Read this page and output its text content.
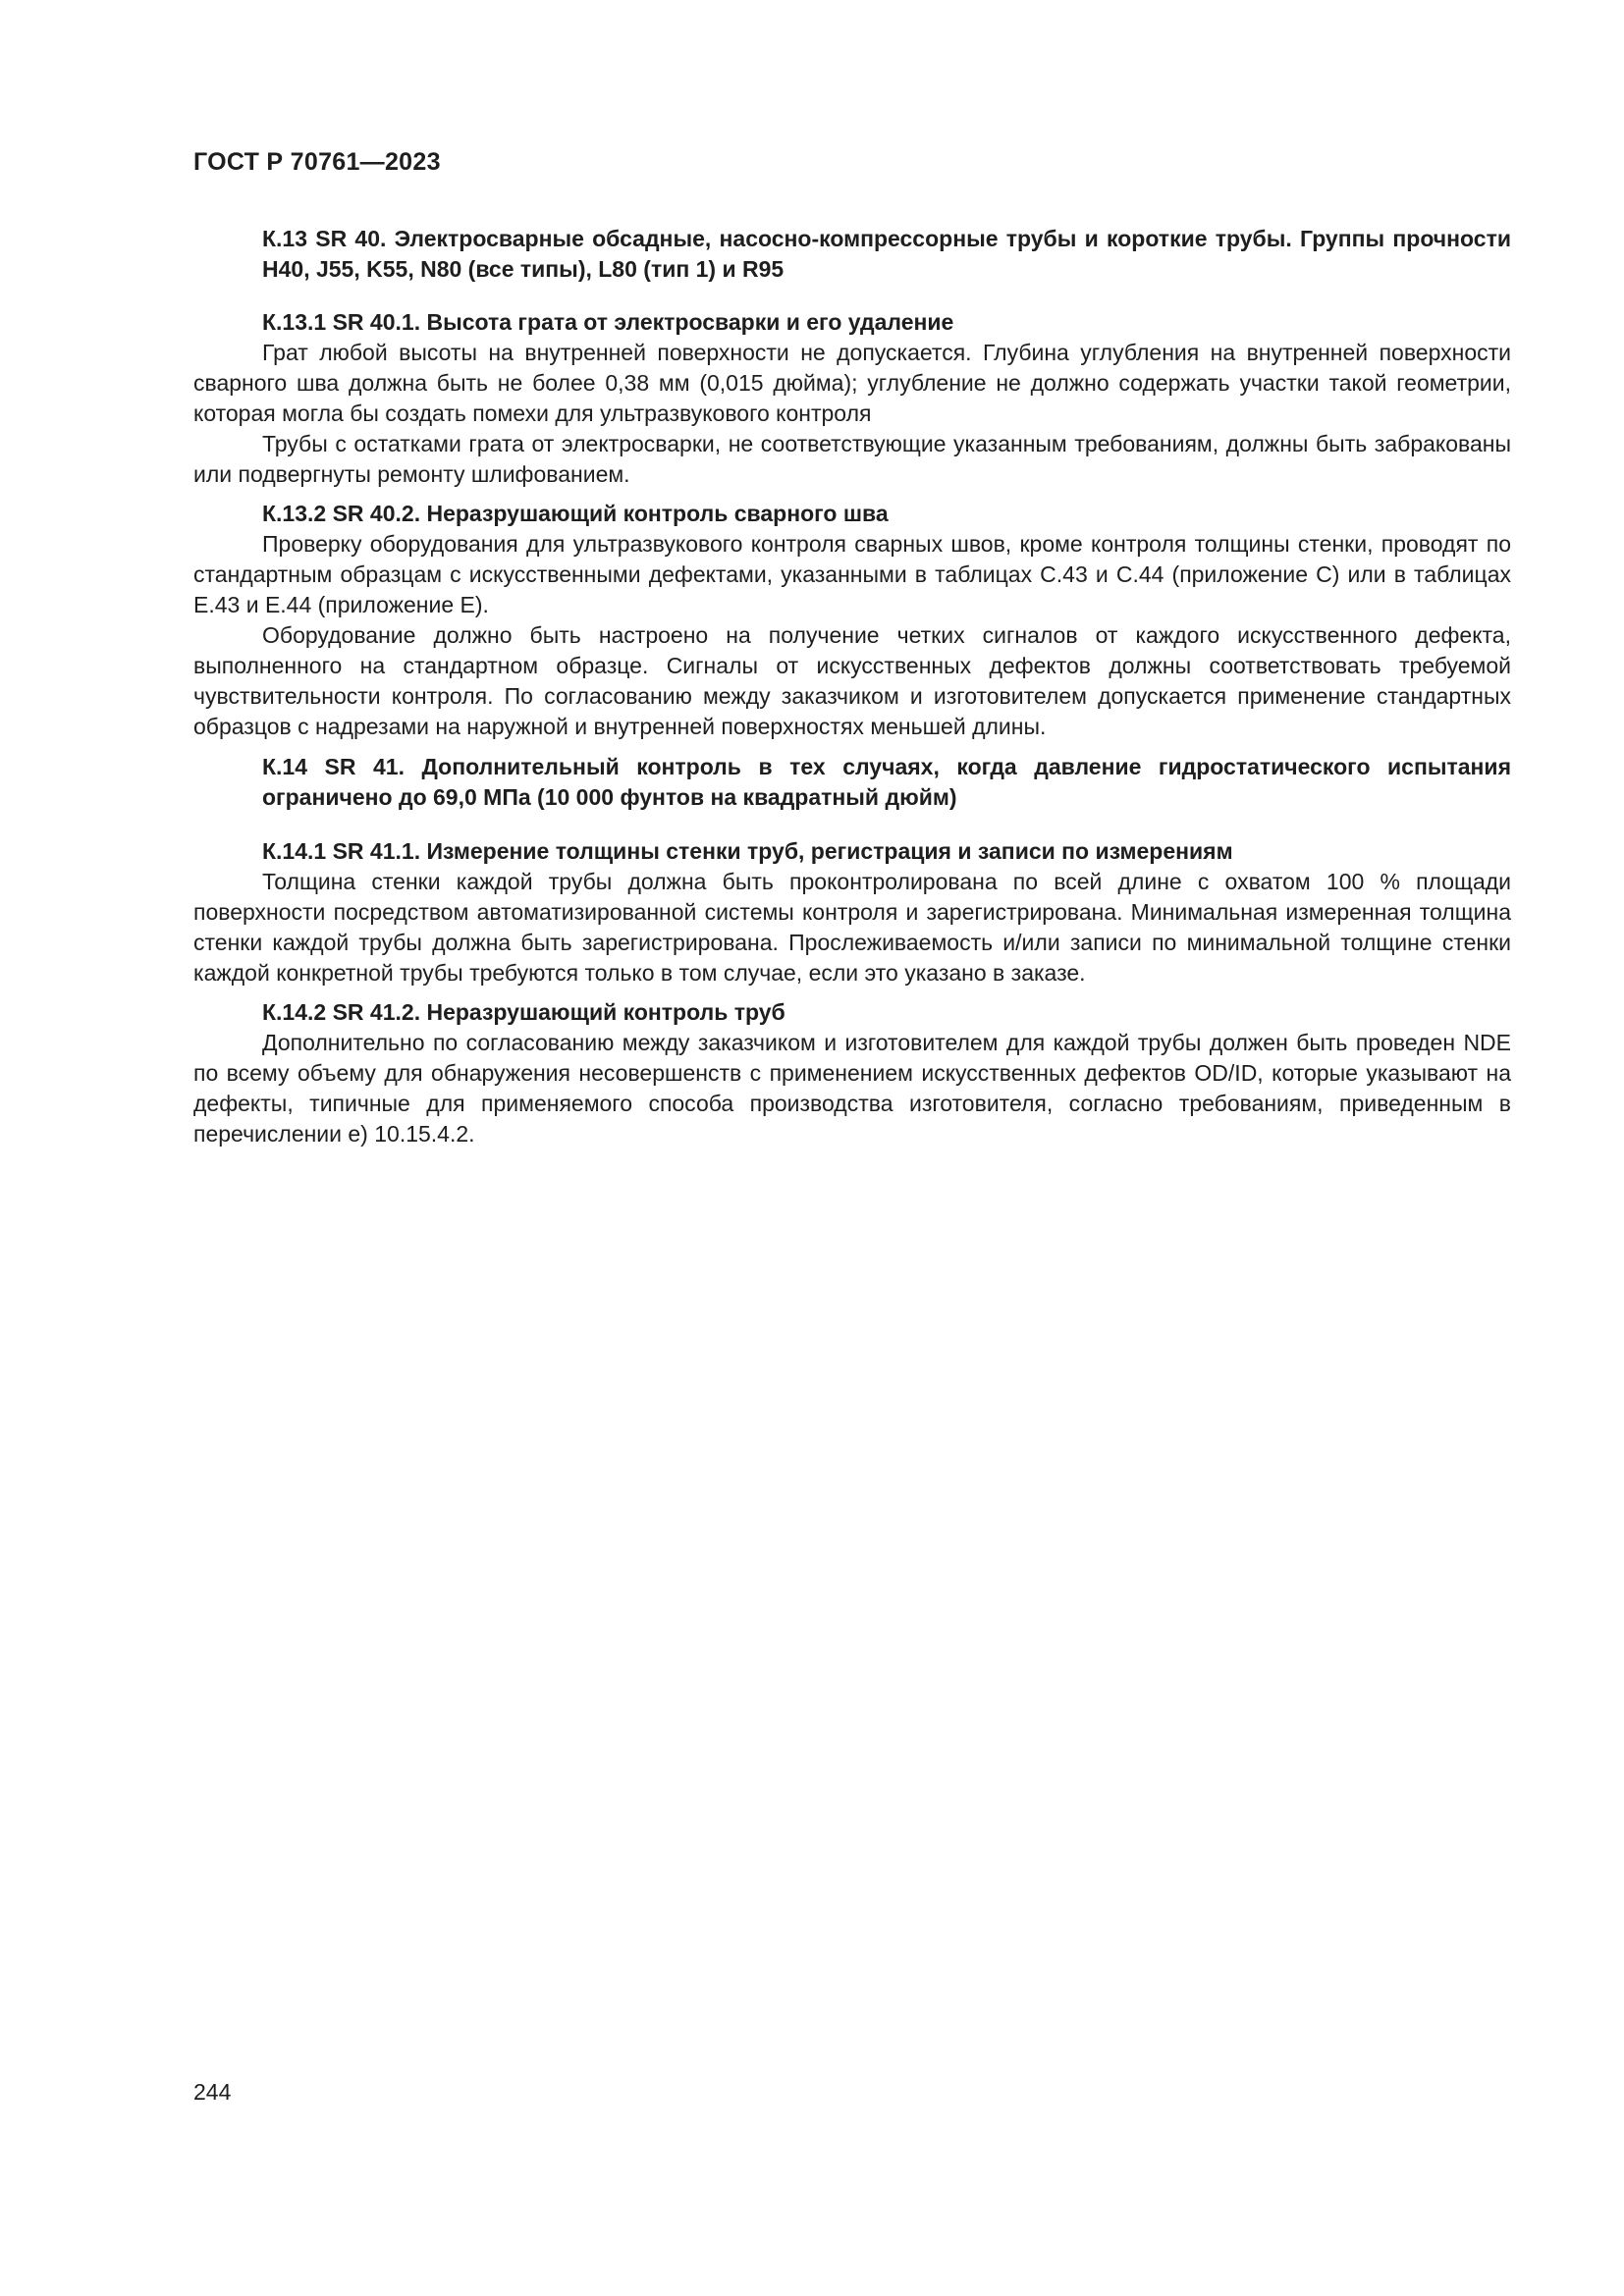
ГОСТ Р 70761—2023

К.13 SR 40. Электросварные обсадные, насосно-компрессорные трубы и короткие трубы. Группы прочности H40, J55, K55, N80 (все типы), L80 (тип 1) и R95

К.13.1 SR 40.1. Высота грата от электросварки и его удаление

Грат любой высоты на внутренней поверхности не допускается. Глубина углубления на внутренней поверхности сварного шва должна быть не более 0,38 мм (0,015 дюйма); углубление не должно содержать участки такой геометрии, которая могла бы создать помехи для ультразвукового контроля

Трубы с остатками грата от электросварки, не соответствующие указанным требованиям, должны быть забракованы или подвергнуты ремонту шлифованием.

К.13.2 SR 40.2. Неразрушающий контроль сварного шва

Проверку оборудования для ультразвукового контроля сварных швов, кроме контроля толщины стенки, проводят по стандартным образцам с искусственными дефектами, указанными в таблицах С.43 и С.44 (приложение С) или в таблицах Е.43 и Е.44 (приложение Е).

Оборудование должно быть настроено на получение четких сигналов от каждого искусственного дефекта, выполненного на стандартном образце. Сигналы от искусственных дефектов должны соответствовать требуемой чувствительности контроля. По согласованию между заказчиком и изготовителем допускается применение стандартных образцов с надрезами на наружной и внутренней поверхностях меньшей длины.

К.14 SR 41. Дополнительный контроль в тех случаях, когда давление гидростатического испытания ограничено до 69,0 МПа (10 000 фунтов на квадратный дюйм)

К.14.1 SR 41.1. Измерение толщины стенки труб, регистрация и записи по измерениям

Толщина стенки каждой трубы должна быть проконтролирована по всей длине с охватом 100 % площади поверхности посредством автоматизированной системы контроля и зарегистрирована. Минимальная измеренная толщина стенки каждой трубы должна быть зарегистрирована. Прослеживаемость и/или записи по минимальной толщине стенки каждой конкретной трубы требуются только в том случае, если это указано в заказе.

К.14.2 SR 41.2. Неразрушающий контроль труб

Дополнительно по согласованию между заказчиком и изготовителем для каждой трубы должен быть проведен NDE по всему объему для обнаружения несовершенств с применением искусственных дефектов OD/ID, которые указывают на дефекты, типичные для применяемого способа производства изготовителя, согласно требованиям, приведенным в перечислении е) 10.15.4.2.

244
